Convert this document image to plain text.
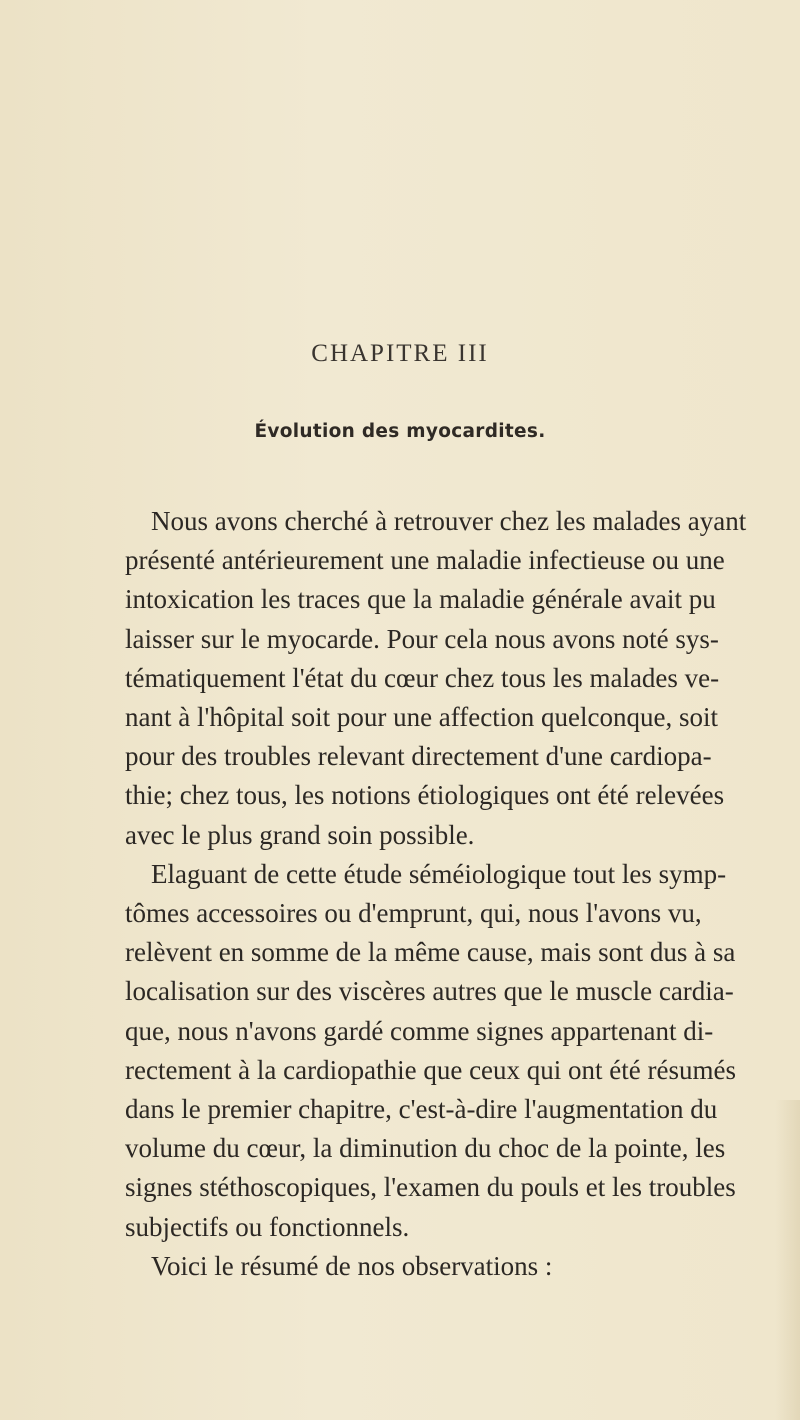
CHAPITRE III
Évolution des myocardites.
Nous avons cherché à retrouver chez les malades ayant
présenté antérieurement une maladie infectieuse ou une
intoxication les traces que la maladie générale avait pu
laisser sur le myocarde. Pour cela nous avons noté sys-
tématiquement l'état du cœur chez tous les malades ve-
nant à l'hôpital soit pour une affection quelconque, soit
pour des troubles relevant directement d'une cardiopa-
thie; chez tous, les notions étiologiques ont été relevées
avec le plus grand soin possible.
Elaguant de cette étude séméiologique tout les symp-
tômes accessoires ou d'emprunt, qui, nous l'avons vu,
relèvent en somme de la même cause, mais sont dus à sa
localisation sur des viscères autres que le muscle cardia-
que, nous n'avons gardé comme signes appartenant di-
rectement à la cardiopathie que ceux qui ont été résumés
dans le premier chapitre, c'est-à-dire l'augmentation du
volume du cœur, la diminution du choc de la pointe, les
signes stéthoscopiques, l'examen du pouls et les troubles
subjectifs ou fonctionnels.
Voici le résumé de nos observations :
